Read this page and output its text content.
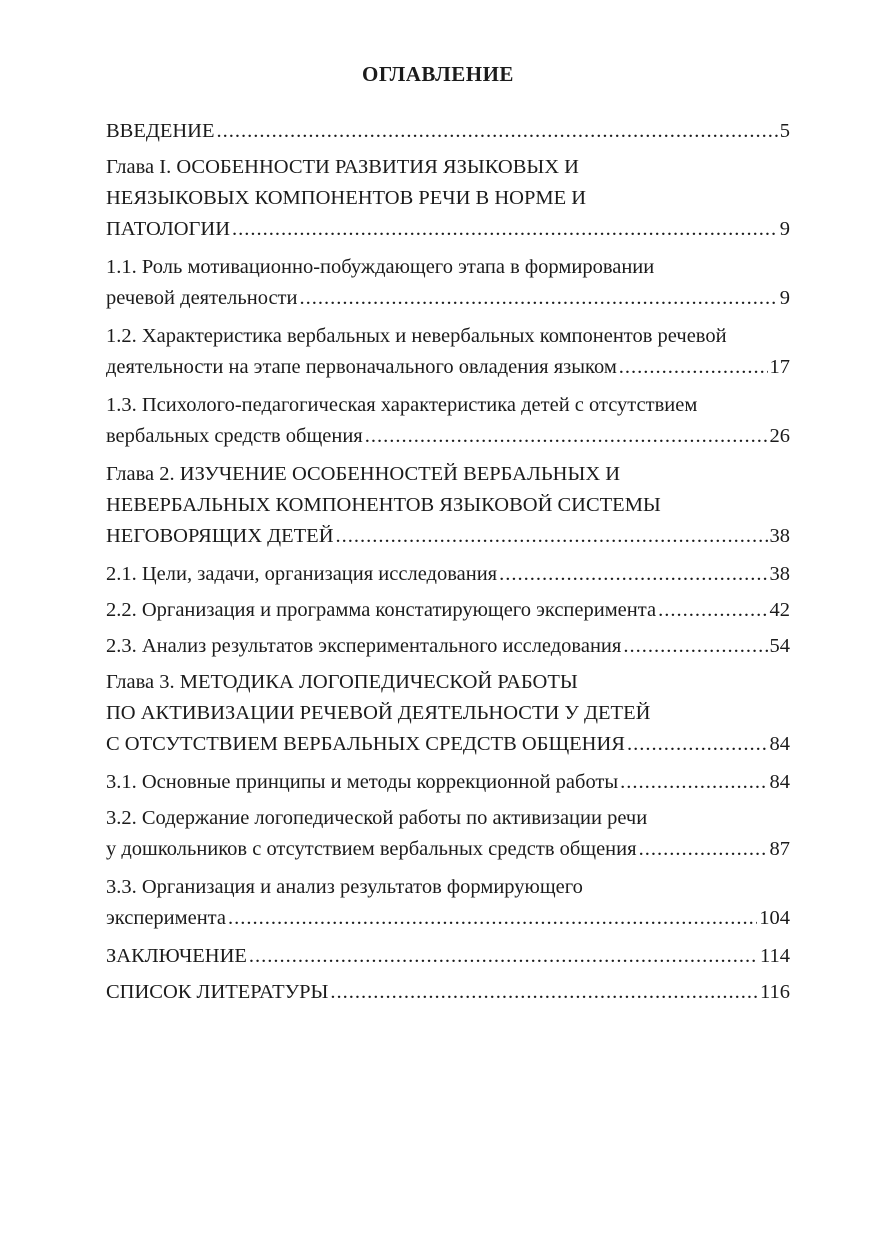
ОГЛАВЛЕНИЕ
ВВЕДЕНИЕ .....	5
Глава I. ОСОБЕННОСТИ РАЗВИТИЯ ЯЗЫКОВЫХ И
НЕЯЗЫКОВЫХ КОМПОНЕНТОВ РЕЧИ В НОРМЕ И
ПАТОЛОГИИ .....	9
1.1. Роль мотивационно-побуждающего этапа в формировании
речевой деятельности .....	9
1.2. Характеристика вербальных и невербальных компонентов речевой
деятельности на этапе первоначального овладения языком .....	17
1.3. Психолого-педагогическая характеристика детей с отсутствием
вербальных средств общения .....	26
Глава 2. ИЗУЧЕНИЕ ОСОБЕННОСТЕЙ ВЕРБАЛЬНЫХ И
НЕВЕРБАЛЬНЫХ КОМПОНЕНТОВ ЯЗЫКОВОЙ СИСТЕМЫ
НЕГОВОРЯЩИХ ДЕТЕЙ .....	38
2.1. Цели, задачи, организация исследования .....	38
2.2. Организация и программа констатирующего эксперимента .....	42
2.3. Анализ результатов экспериментального исследования .....	54
Глава 3. МЕТОДИКА ЛОГОПЕДИЧЕСКОЙ РАБОТЫ
ПО АКТИВИЗАЦИИ РЕЧЕВОЙ ДЕЯТЕЛЬНОСТИ У ДЕТЕЙ
С ОТСУТСТВИЕМ ВЕРБАЛЬНЫХ СРЕДСТВ ОБЩЕНИЯ .....	84
3.1. Основные принципы и методы коррекционной работы .....	84
3.2. Содержание логопедической работы по активизации речи
у дошкольников с отсутствием вербальных средств общения .....	87
3.3. Организация и анализ результатов формирующего
эксперимента .....	104
ЗАКЛЮЧЕНИЕ .....	114
СПИСОК ЛИТЕРАТУРЫ .....	116
